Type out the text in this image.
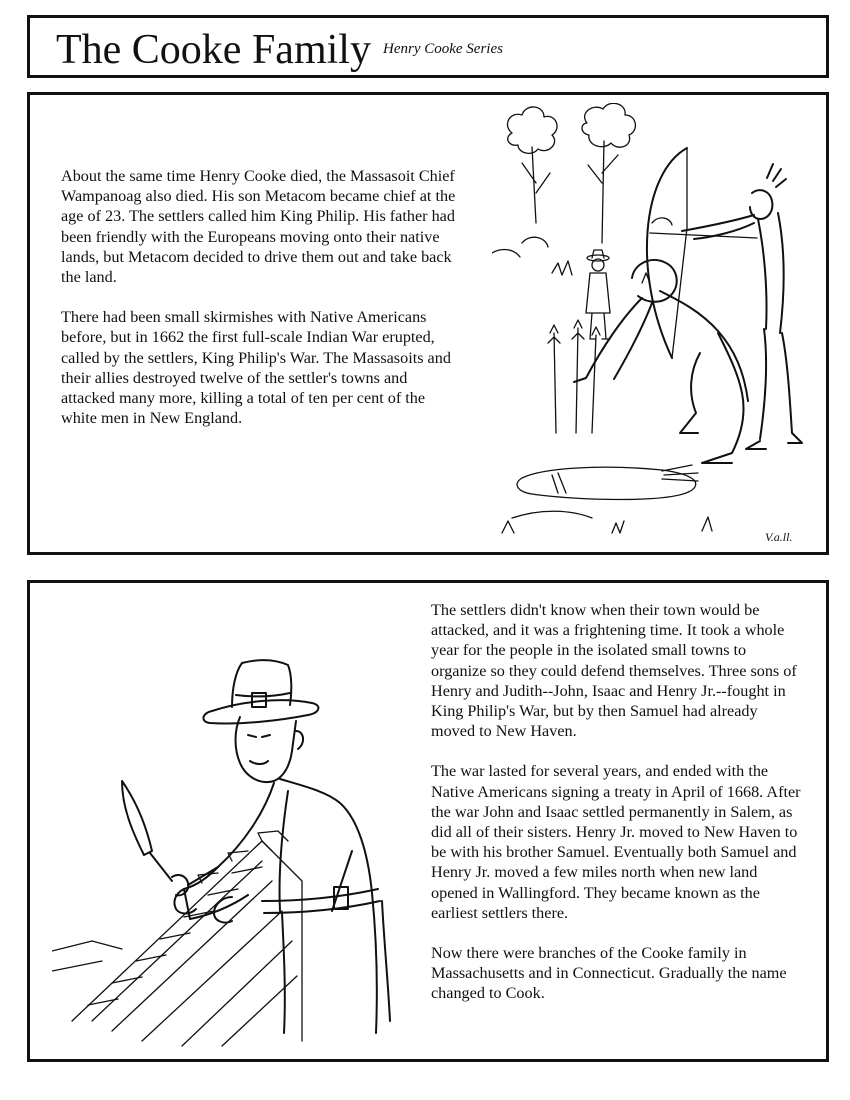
The Cooke Family Henry Cooke Series

About the same time Henry Cooke died, the Massasoit Chief Wampanoag also died. His son Metacom became chief at the age of 23. The settlers called him King Philip. His father had been friendly with the Europeans moving onto their native lands, but Metacom decided to drive them out and take back the land.

There had been small skirmishes with Native Americans before, but in 1662 the first full-scale Indian War erupted, called by the settlers, King Philip's War. The Massasoits and their allies destroyed twelve of the settler's towns and attacked many more, killing a total of ten per cent of the white men in New England.

V.a.ll.

The settlers didn't know when their town would be attacked, and it was a frightening time. It took a whole year for the people in the isolated small towns to organize so they could defend themselves. Three sons of Henry and Judith--John, Isaac and Henry Jr.--fought in King Philip's War, but by then Samuel had already moved to New Haven.

The war lasted for several years, and ended with the Native Americans signing a treaty in April of 1668. After the war John and Isaac settled permanently in Salem, as did all of their sisters. Henry Jr. moved to New Haven to be with his brother Samuel. Eventually both Samuel and Henry Jr. moved a few miles north when new land opened in Wallingford. They became known as the earliest settlers there.

Now there were branches of the Cooke family in Massachusetts and in Connecticut. Gradually the name changed to Cook.
